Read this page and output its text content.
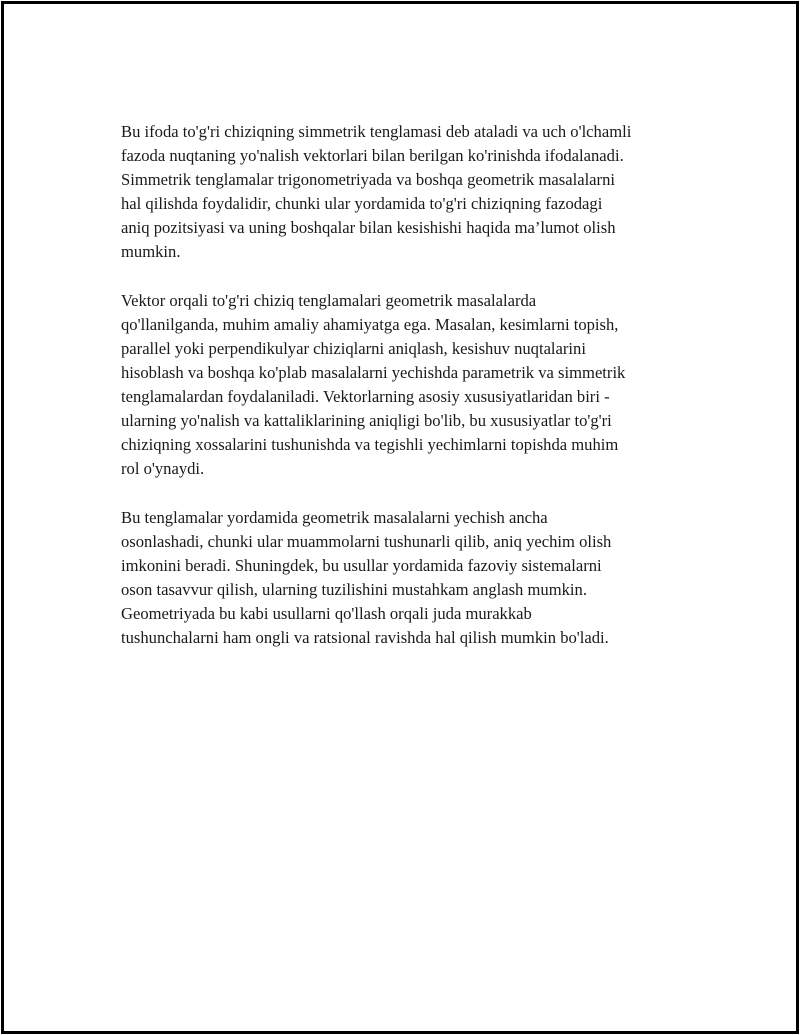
Bu ifoda to'g'ri chiziqning simmetrik tenglamasi deb ataladi va uch o'lchamli
fazoda nuqtaning yo'nalish vektorlari bilan berilgan ko'rinishda ifodalanadi.
Simmetrik tenglamalar trigonometriyada va boshqa geometrik masalalarni
hal qilishda foydalidir, chunki ular yordamida to'g'ri chiziqning fazodagi
aniq pozitsiyasi va uning boshqalar bilan kesishishi haqida ma’lumot olish
mumkin.

Vektor orqali to'g'ri chiziq tenglamalari geometrik masalalarda
qo'llanilganda, muhim amaliy ahamiyatga ega. Masalan, kesimlarni topish,
parallel yoki perpendikulyar chiziqlarni aniqlash, kesishuv nuqtalarini
hisoblash va boshqa ko'plab masalalarni yechishda parametrik va simmetrik
tenglamalardan foydalaniladi. Vektorlarning asosiy xususiyatlaridan biri -
ularning yo'nalish va kattaliklarining aniqligi bo'lib, bu xususiyatlar to'g'ri
chiziqning xossalarini tushunishda va tegishli yechimlarni topishda muhim
rol o'ynaydi.

Bu tenglamalar yordamida geometrik masalalarni yechish ancha
osonlashadi, chunki ular muammolarni tushunarli qilib, aniq yechim olish
imkonini beradi. Shuningdek, bu usullar yordamida fazoviy sistemalarni
oson tasavvur qilish, ularning tuzilishini mustahkam anglash mumkin.
Geometriyada bu kabi usullarni qo'llash orqali juda murakkab
tushunchalarni ham ongli va ratsional ravishda hal qilish mumkin bo'ladi.
